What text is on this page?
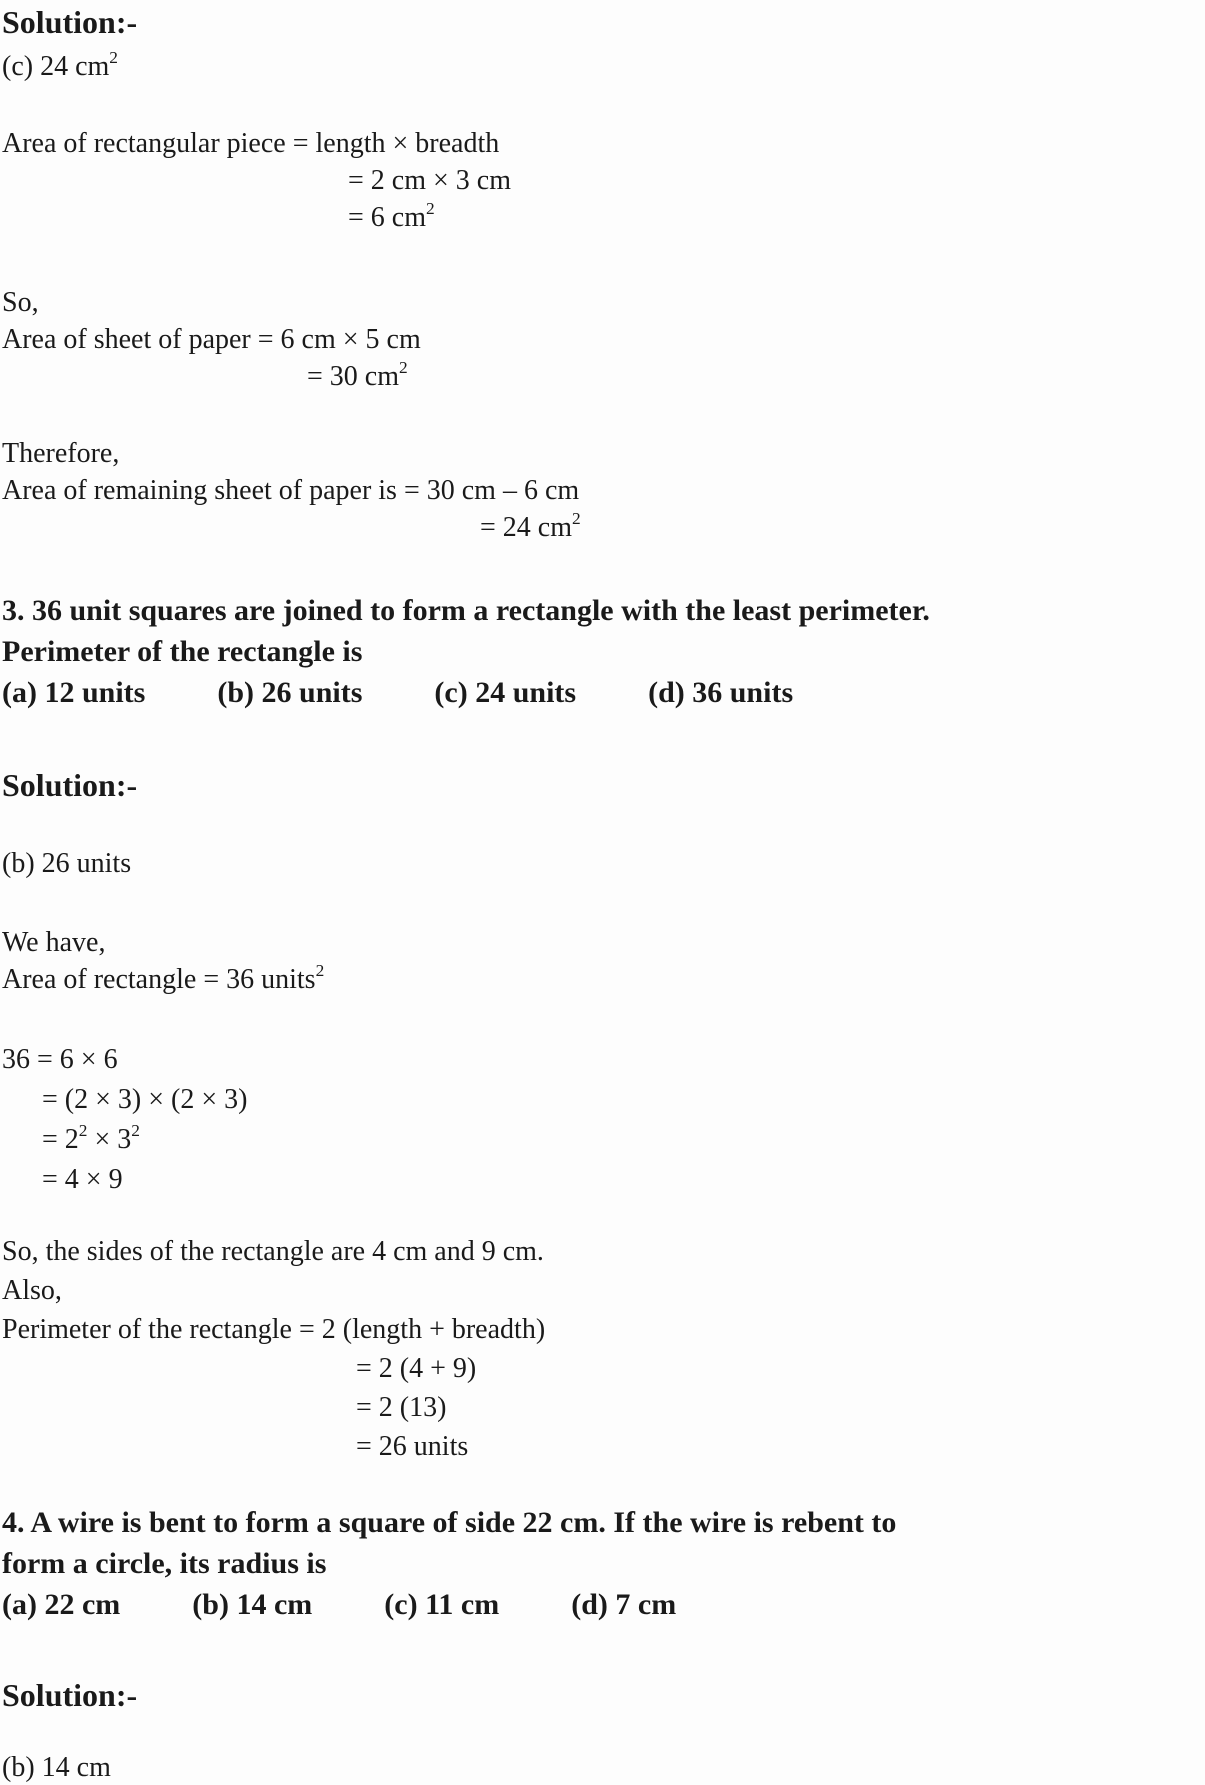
Solution:-
(c) 24 $cm^2$
Area of rectangular piece = length × breadth
= 2 cm × 3 cm
= 6 $cm^2$
So,
Area of sheet of paper = 6 cm × 5 cm
= 30 $cm^2$
Therefore,
Area of remaining sheet of paper is = 30 cm – 6 cm
= 24 $cm^2$
3. 36 unit squares are joined to form a rectangle with the least perimeter.
Perimeter of the rectangle is
(a) 12 units (b) 26 units (c) 24 units (d) 36 units
Solution:-
(b) 26 units
We have,
Area of rectangle = 36 units$^2$
36 = 6 × 6
= (2 × 3) × (2 × 3)
= $2^2 \times 3^2$
= 4 × 9
So, the sides of the rectangle are 4 cm and 9 cm.
Also,
Perimeter of the rectangle = 2 (length + breadth)
= 2 (4 + 9)
= 2 (13)
= 26 units
4. A wire is bent to form a square of side 22 cm. If the wire is rebent to
form a circle, its radius is
(a) 22 cm (b) 14 cm (c) 11 cm (d) 7 cm
Solution:-
(b) 14 cm
